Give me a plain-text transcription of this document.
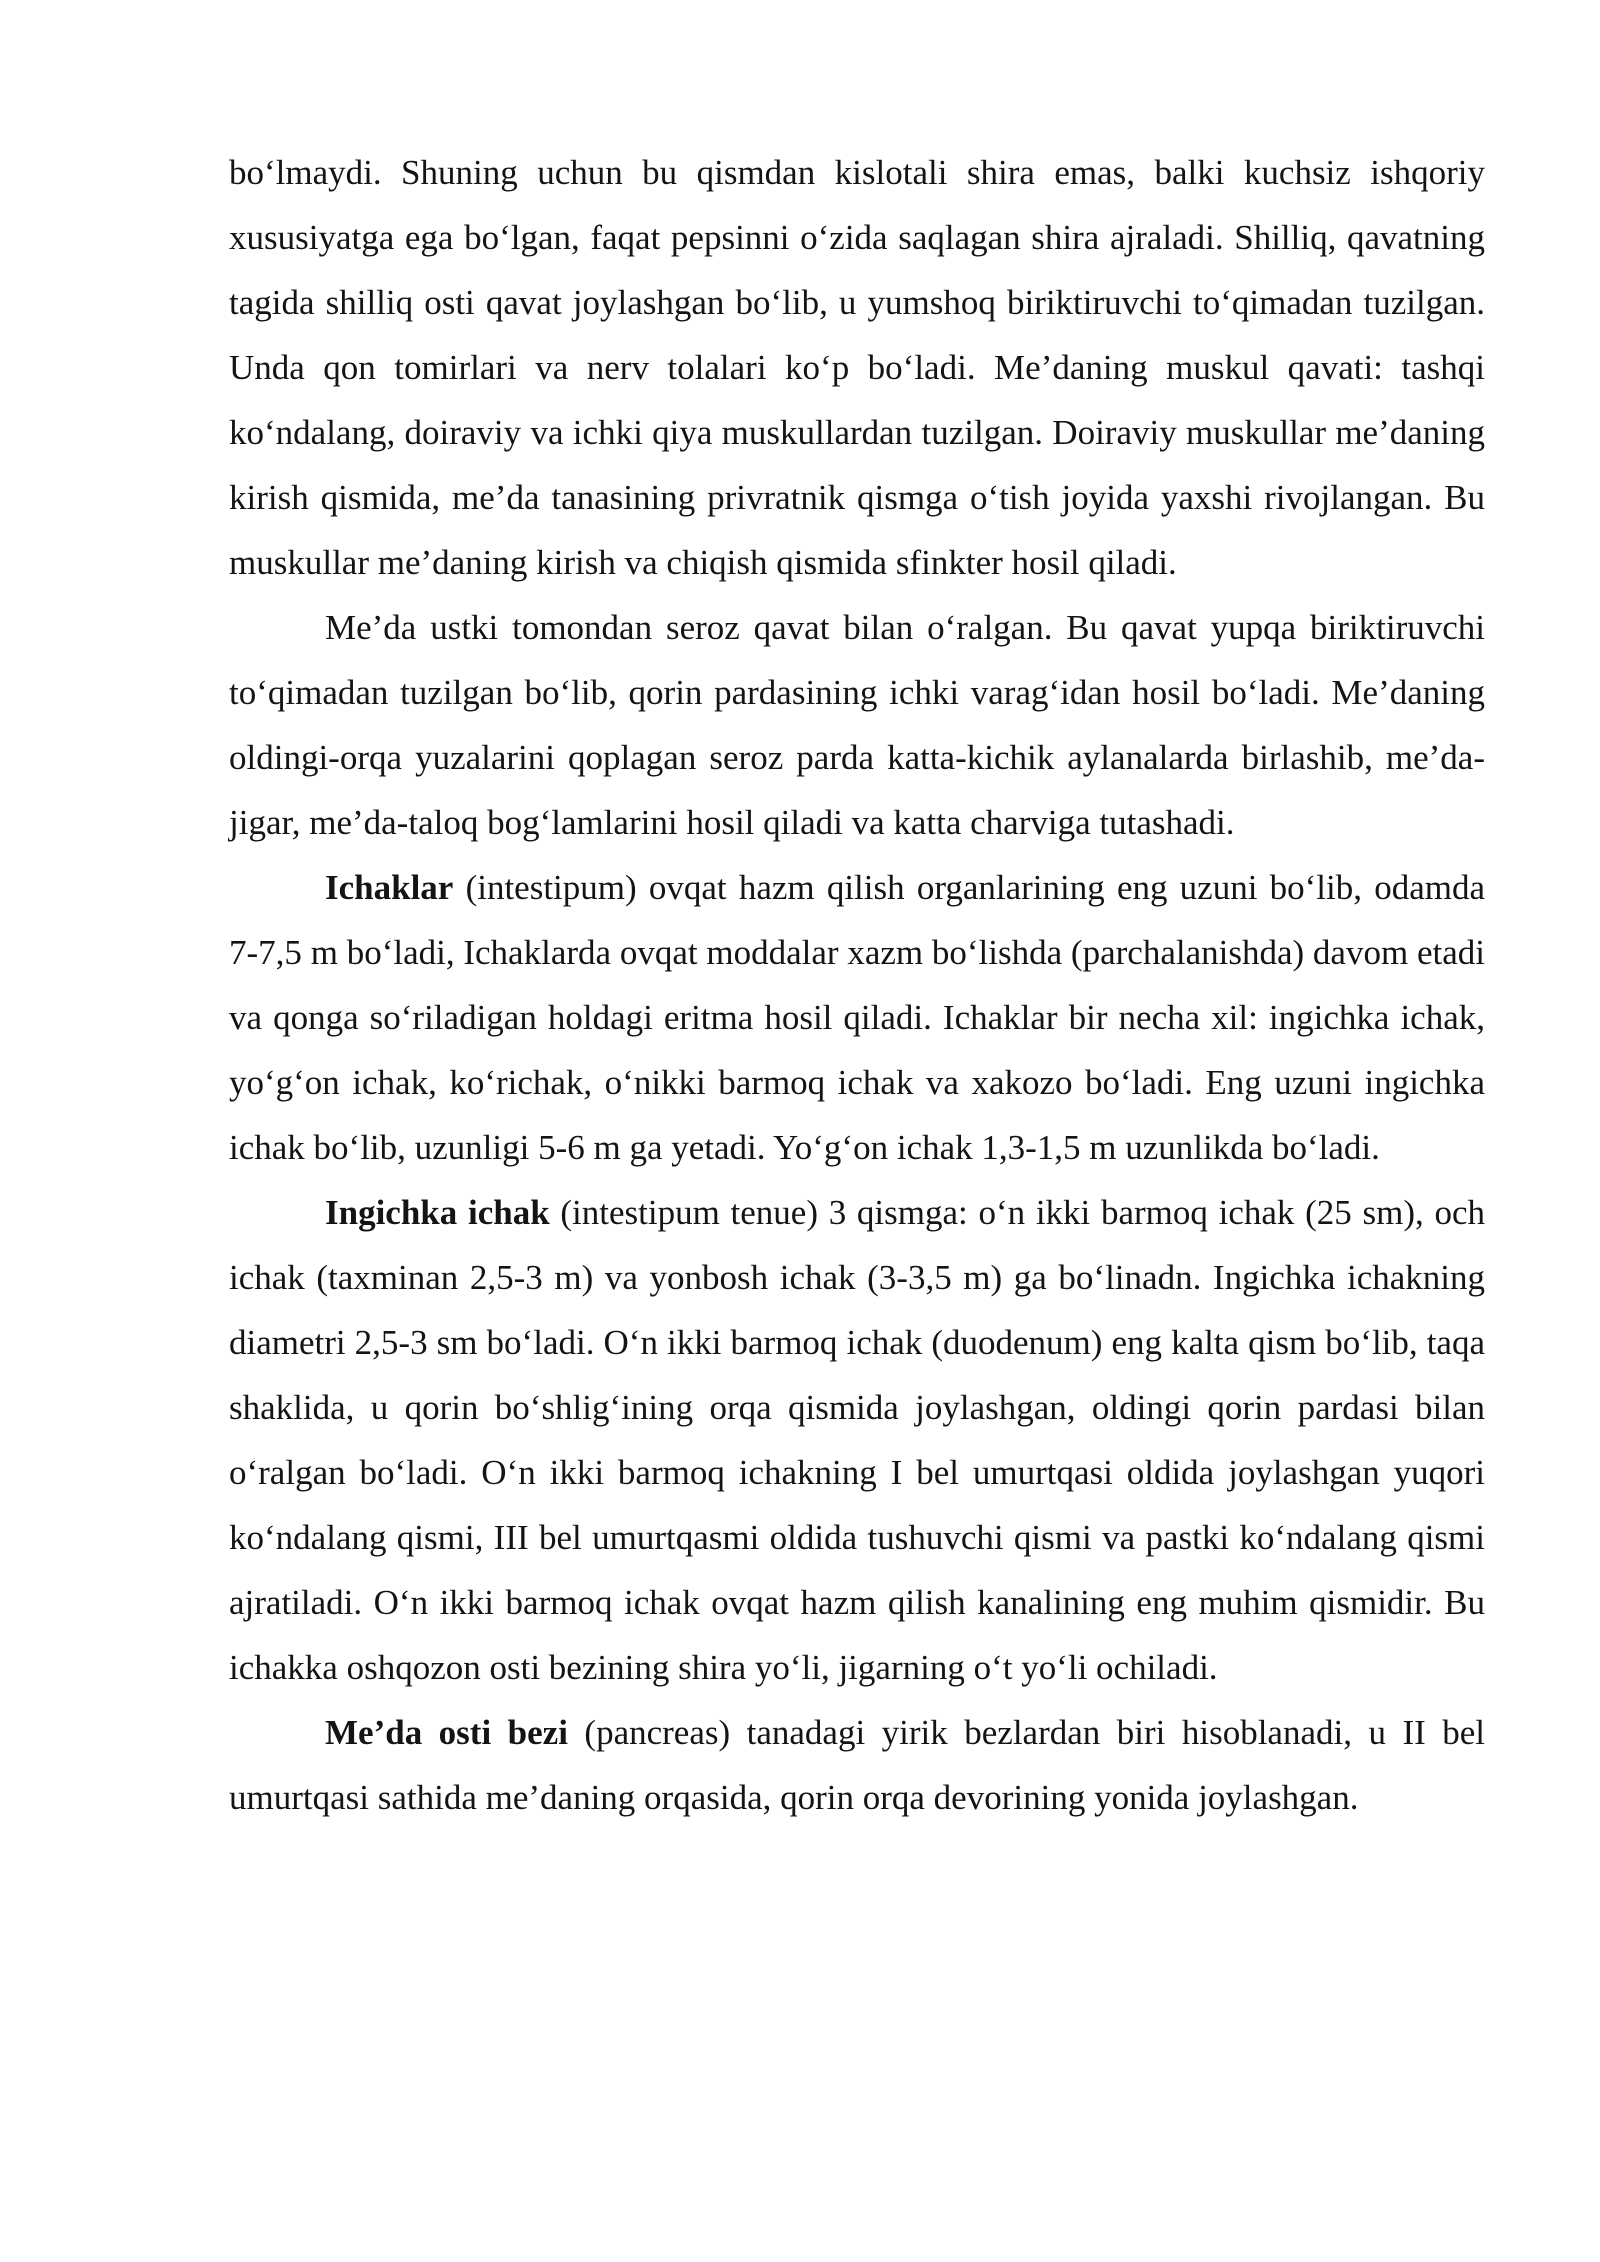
bo‘lmaydi. Shuning uchun bu qismdan kislotali shira emas, balki kuchsiz ishqoriy xususiyatga ega bo‘lgan, faqat pepsinni o‘zida saqlagan shira ajraladi. Shilliq, qavatning tagida shilliq osti qavat joylashgan bo‘lib, u yumshoq biriktiruvchi to‘qimadan tuzilgan. Unda qon tomirlari va nerv tolalari ko‘p bo‘ladi. Me’daning muskul qavati: tashqi ko‘ndalang, doiraviy va ichki qiya muskullardan tuzilgan. Doiraviy muskullar me’daning kirish qismida, me’da tanasining privratnik qismga o‘tish joyida yaxshi rivojlangan. Bu muskullar me’daning kirish va chiqish qismida sfinkter hosil qiladi.

Me’da ustki tomondan seroz qavat bilan o‘ralgan. Bu qavat yupqa biriktiruvchi to‘qimadan tuzilgan bo‘lib, qorin pardasining ichki varag‘idan hosil bo‘ladi. Me’daning oldingi-orqa yuzalarini qoplagan seroz parda katta-kichik aylanalarda birlashib, me’da-jigar, me’da-taloq bog‘lamlarini hosil qiladi va katta charviga tutashadi.

Ichaklar (intestipum) ovqat hazm qilish organlarining eng uzuni bo‘lib, odamda 7-7,5 m bo‘ladi, Ichaklarda ovqat moddalar xazm bo‘lishda (parchalanishda) davom etadi va qonga so‘riladigan holdagi eritma hosil qiladi. Ichaklar bir necha xil: ingichka ichak, yo‘g‘on ichak, ko‘richak, o‘nikki barmoq ichak va xakozo bo‘ladi. Eng uzuni ingichka ichak bo‘lib, uzunligi 5-6 m ga yetadi. Yo‘g‘on ichak 1,3-1,5 m uzunlikda bo‘ladi.

Ingichka ichak (intestipum tenue) 3 qismga: o‘n ikki barmoq ichak (25 sm), och ichak (taxminan 2,5-3 m) va yonbosh ichak (3-3,5 m) ga bo‘linadn. Ingichka ichakning diametri 2,5-3 sm bo‘ladi. O‘n ikki barmoq ichak (duodenum) eng kalta qism bo‘lib, taqa shaklida, u qorin bo‘shlig‘ining orqa qismida joylashgan, oldingi qorin pardasi bilan o‘ralgan bo‘ladi. O‘n ikki barmoq ichakning I bel umurtqasi oldida joylashgan yuqori ko‘ndalang qismi, III bel umurtqasmi oldida tushuvchi qismi va pastki ko‘ndalang qismi ajratiladi. O‘n ikki barmoq ichak ovqat hazm qilish kanalining eng muhim qismidir. Bu ichakka oshqozon osti bezining shira yo‘li, jigarning o‘t yo‘li ochiladi.

Me’da osti bezi (pancreas) tanadagi yirik bezlardan biri hisoblanadi, u II bel umurtqasi sathida me’daning orqasida, qorin orqa devorining yonida joylashgan.
